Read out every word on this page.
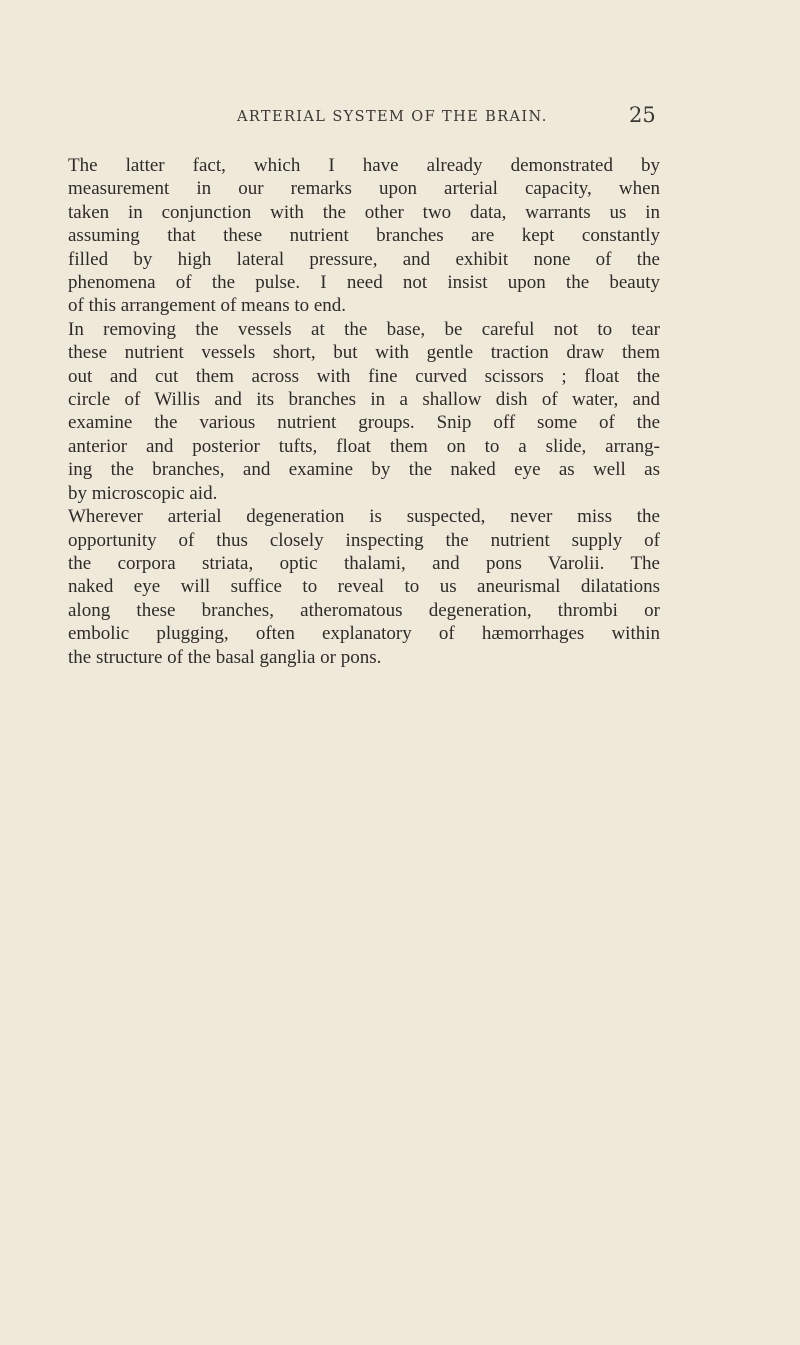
ARTERIAL SYSTEM OF THE BRAIN.	25
The latter fact, which I have already demonstrated by
measurement in our remarks upon arterial capacity, when
taken in conjunction with the other two data, warrants us in
assuming that these nutrient branches are kept constantly
filled by high lateral pressure, and exhibit none of the
phenomena of the pulse. I need not insist upon the beauty
of this arrangement of means to end.
In removing the vessels at the base, be careful not to tear
these nutrient vessels short, but with gentle traction draw them
out and cut them across with fine curved scissors ; float the
circle of Willis and its branches in a shallow dish of water, and
examine the various nutrient groups. Snip off some of the
anterior and posterior tufts, float them on to a slide, arrang-
ing the branches, and examine by the naked eye as well as
by microscopic aid.
Wherever arterial degeneration is suspected, never miss the
opportunity of thus closely inspecting the nutrient supply of
the corpora striata, optic thalami, and pons Varolii. The
naked eye will suffice to reveal to us aneurismal dilatations
along these branches, atheromatous degeneration, thrombi or
embolic plugging, often explanatory of hæmorrhages within
the structure of the basal ganglia or pons.
